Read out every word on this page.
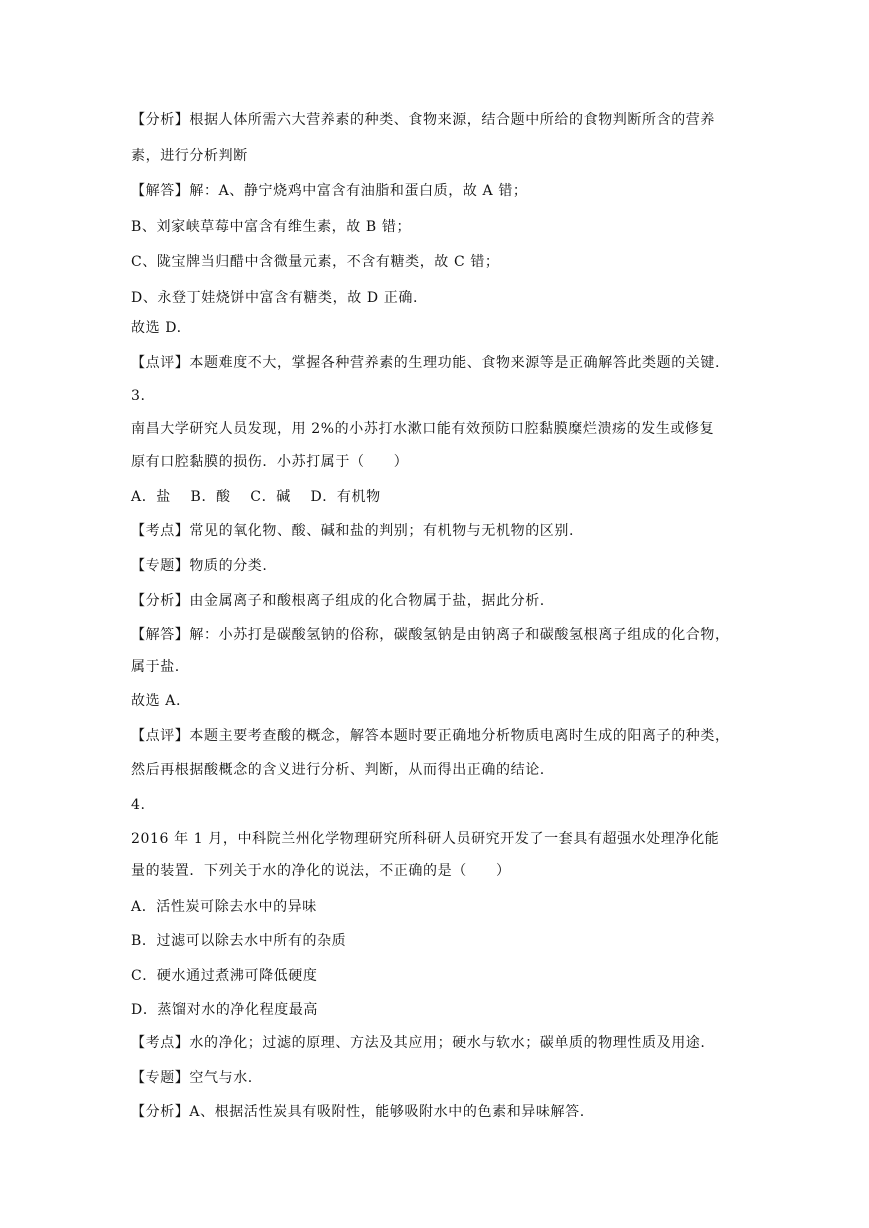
【分析】根据人体所需六大营养素的种类、食物来源，结合题中所给的食物判断所含的营养
素，进行分析判断
【解答】解：A、静宁烧鸡中富含有油脂和蛋白质，故 A 错；
B、刘家峡草莓中富含有维生素，故 B 错；
C、陇宝牌当归醋中含微量元素，不含有糖类，故 C 错；
D、永登丁娃烧饼中富含有糖类，故 D 正确.
故选 D.
【点评】本题难度不大，掌握各种营养素的生理功能、食物来源等是正确解答此类题的关键.
3.
南昌大学研究人员发现，用 2%的小苏打水漱口能有效预防口腔黏膜糜烂溃疡的发生或修复
原有口腔黏膜的损伤．小苏打属于（　　）
A．盐　 B．酸　 C．碱　 D．有机物
【考点】常见的氧化物、酸、碱和盐的判别；有机物与无机物的区别.
【专题】物质的分类.
【分析】由金属离子和酸根离子组成的化合物属于盐，据此分析.
【解答】解：小苏打是碳酸氢钠的俗称，碳酸氢钠是由钠离子和碳酸氢根离子组成的化合物，
属于盐.
故选 A.
【点评】本题主要考查酸的概念，解答本题时要正确地分析物质电离时生成的阳离子的种类，
然后再根据酸概念的含义进行分析、判断，从而得出正确的结论.
4.
2016 年 1 月，中科院兰州化学物理研究所科研人员研究开发了一套具有超强水处理净化能
量的装置．下列关于水的净化的说法，不正确的是（　　）
A．活性炭可除去水中的异味
B．过滤可以除去水中所有的杂质
C．硬水通过煮沸可降低硬度
D．蒸馏对水的净化程度最高
【考点】水的净化；过滤的原理、方法及其应用；硬水与软水；碳单质的物理性质及用途.
【专题】空气与水.
【分析】A、根据活性炭具有吸附性，能够吸附水中的色素和异味解答.
